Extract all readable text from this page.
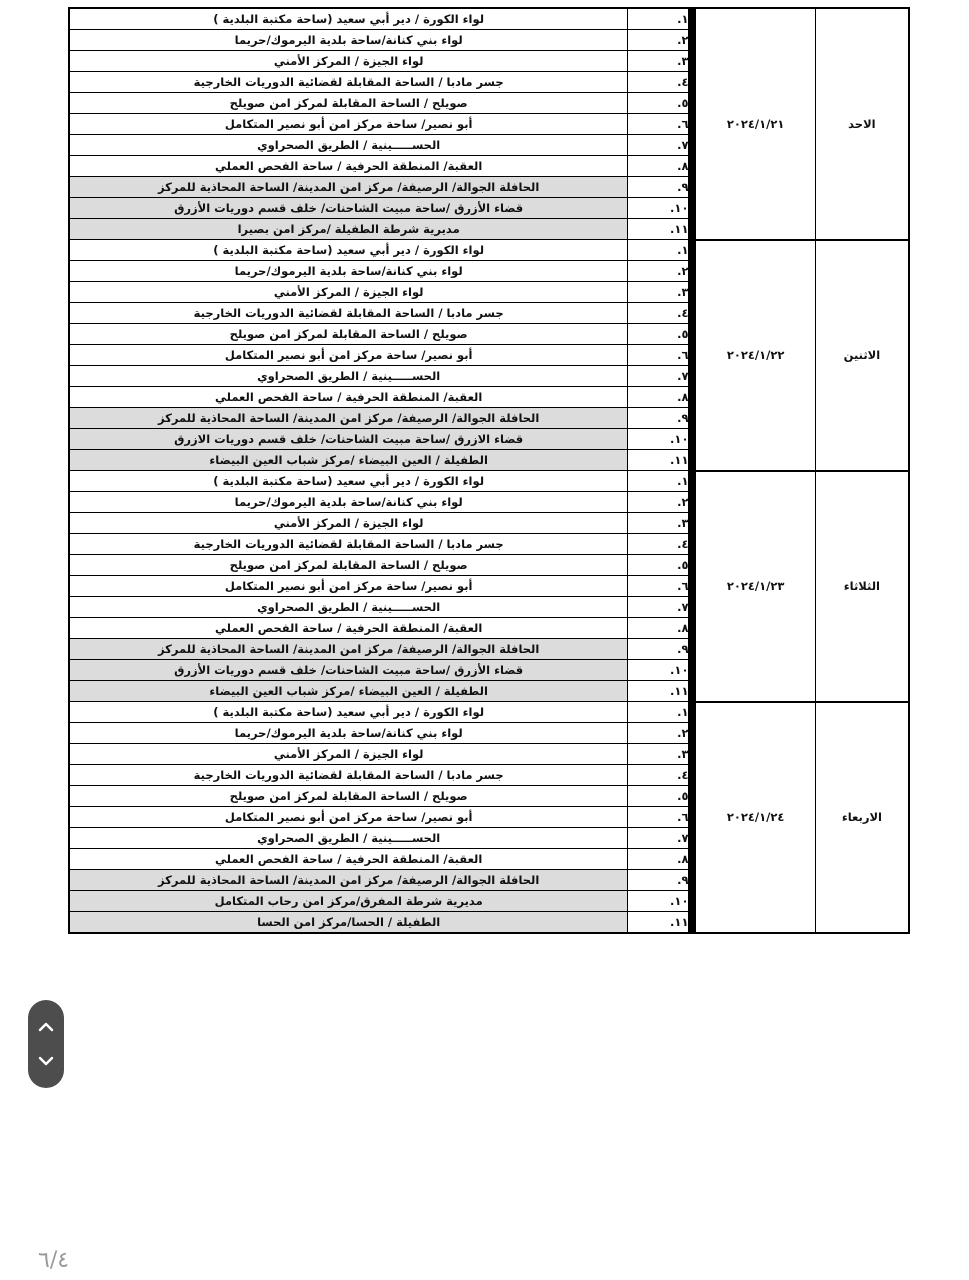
لواء الكورة / دير أبي سعيد (ساحة مكتبة البلدية )	١.		٢٠٢٤/١/٢١	الاحد
لواء بني كنانة/ساحة بلدية اليرموك/حريما	٢.			
لواء الجيزة / المركز الأمني	٣.			
جسر مادبا / الساحة المقابلة لقضائية الدوريات الخارجية	٤.			
صويلح / الساحة المقابلة لمركز امن صويلح	٥.			
أبو نصير/ ساحة مركز امن أبو نصير المتكامل	٦.			
الحســـــينية / الطريق الصحراوي	٧.			
العقبة/ المنطقة الحرفية / ساحة الفحص العملي	٨.			
الحافلة الجوالة/ الرصيفة/ مركز امن المدينة/ الساحة المحاذية للمركز	٩.			
قضاء الأزرق /ساحة مبيت الشاحنات/ خلف قسم دوريات الأزرق	١٠.			
مديرية شرطة الطفيلة /مركز امن بصيرا	١١.			
لواء الكورة / دير أبي سعيد (ساحة مكتبة البلدية )	١.		٢٠٢٤/١/٢٢	الاثنين
لواء بني كنانة/ساحة بلدية اليرموك/حريما	٢.			
لواء الجيزة / المركز الأمني	٣.			
جسر مادبا / الساحة المقابلة لقضائية الدوريات الخارجية	٤.			
صويلح / الساحة المقابلة لمركز امن صويلح	٥.			
أبو نصير/ ساحة مركز امن أبو نصير المتكامل	٦.			
الحســـــينية / الطريق الصحراوي	٧.			
العقبة/ المنطقة الحرفية / ساحة الفحص العملي	٨.			
الحافلة الجوالة/ الرصيفة/ مركز امن المدينة/ الساحة المحاذية للمركز	٩.			
قضاء الازرق /ساحة مبيت الشاحنات/ خلف قسم دوريات الازرق	١٠.			
الطفيلة / العين البيضاء /مركز شباب العين البيضاء	١١.			
لواء الكورة / دير أبي سعيد (ساحة مكتبة البلدية )	١.		٢٠٢٤/١/٢٣	الثلاثاء
لواء بني كنانة/ساحة بلدية اليرموك/حريما	٢.			
لواء الجيزة / المركز الأمني	٣.			
جسر مادبا / الساحة المقابلة لقضائية الدوريات الخارجية	٤.			
صويلح / الساحة المقابلة لمركز امن صويلح	٥.			
أبو نصير/ ساحة مركز امن أبو نصير المتكامل	٦.			
الحســـــينية / الطريق الصحراوي	٧.			
العقبة/ المنطقة الحرفية / ساحة الفحص العملي	٨.			
الحافلة الجوالة/ الرصيفة/ مركز امن المدينة/ الساحة المحاذية للمركز	٩.			
قضاء الأزرق /ساحة مبيت الشاحنات/ خلف قسم دوريات الأزرق	١٠.			
الطفيلة / العين البيضاء /مركز شباب العين البيضاء	١١.			
لواء الكورة / دير أبي سعيد (ساحة مكتبة البلدية )	١.		٢٠٢٤/١/٢٤	الاربعاء
لواء بني كنانة/ساحة بلدية اليرموك/حريما	٢.			
لواء الجيزة / المركز الأمني	٣.			
جسر مادبا / الساحة المقابلة لقضائية الدوريات الخارجية	٤.			
صويلح / الساحة المقابلة لمركز امن صويلح	٥.			
أبو نصير/ ساحة مركز امن أبو نصير المتكامل	٦.			
الحســـــينية / الطريق الصحراوي	٧.			
العقبة/ المنطقة الحرفية / ساحة الفحص العملي	٨.			
الحافلة الجوالة/ الرصيفة/ مركز امن المدينة/ الساحة المحاذية للمركز	٩.			
مديرية شرطة المفرق/مركز امن رحاب المتكامل	١٠.			
الطفيلة / الحسا/مركز امن الحسا	١١.			
٦/٤
